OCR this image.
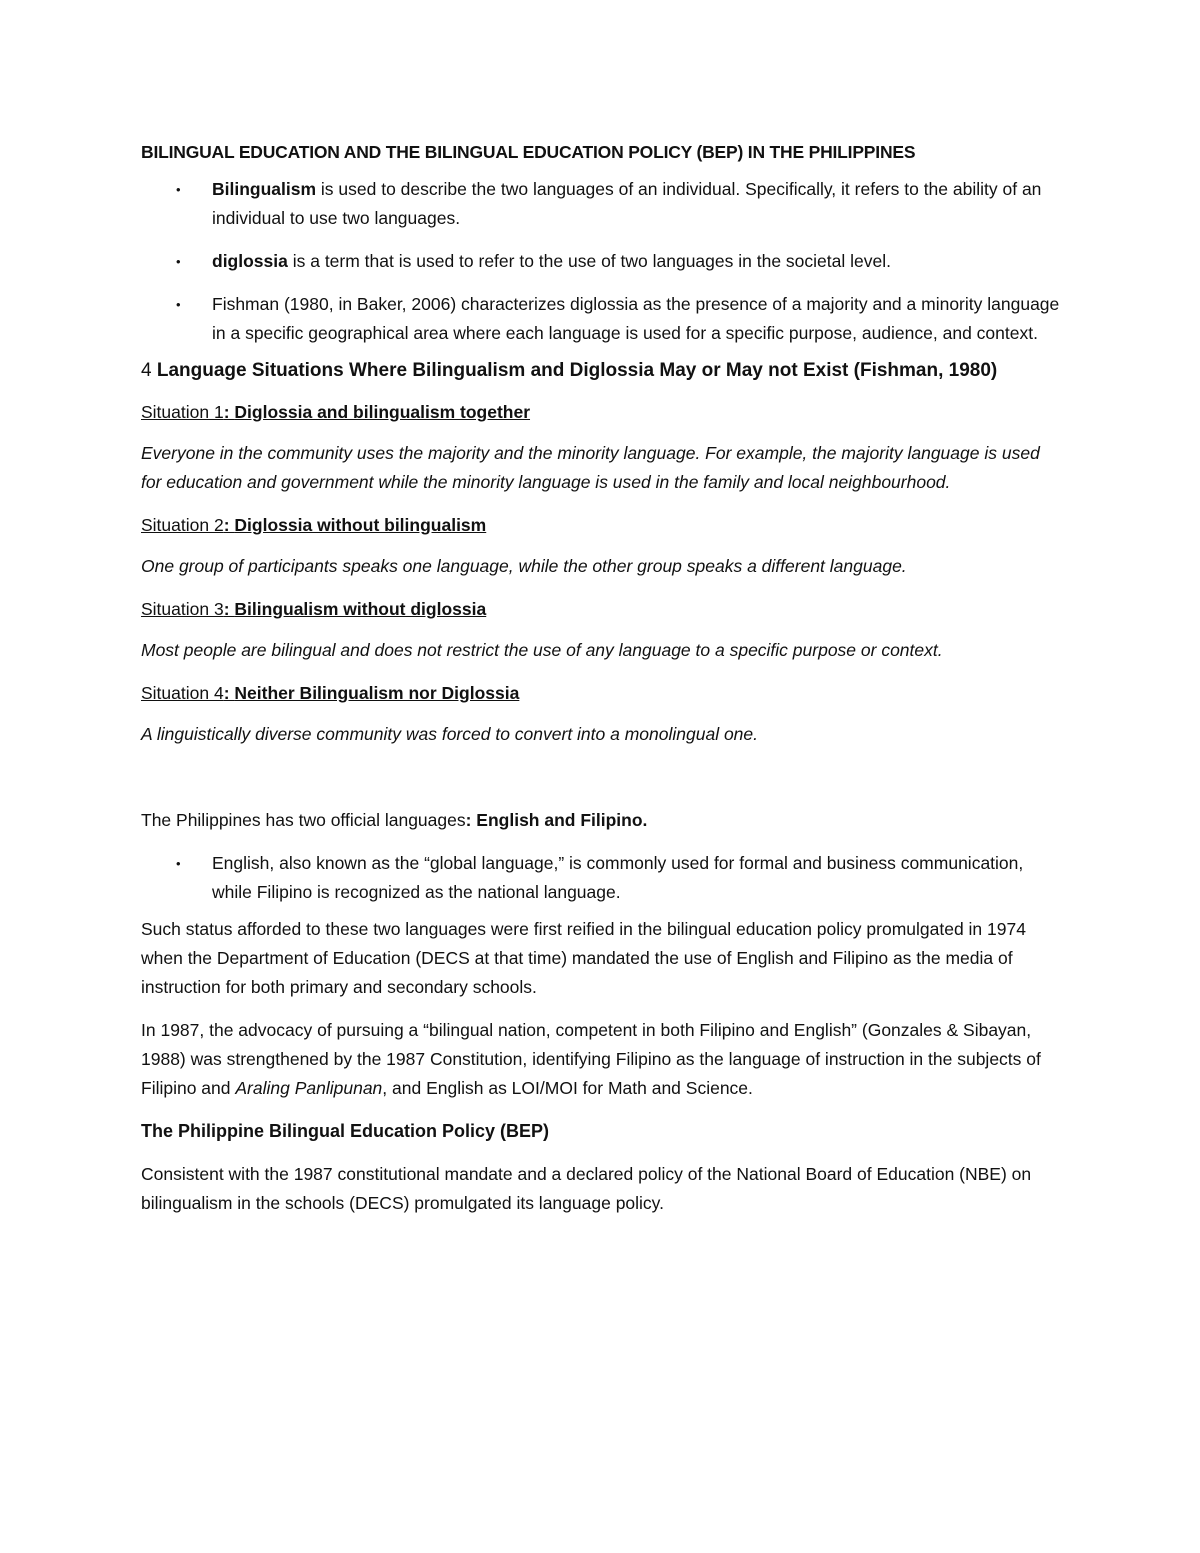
BILINGUAL EDUCATION AND THE BILINGUAL EDUCATION POLICY (BEP) IN THE PHILIPPINES

• Bilingualism is used to describe the two languages of an individual. Specifically, it refers to the ability of an individual to use two languages.
• diglossia is a term that is used to refer to the use of two languages in the societal level.
• Fishman (1980, in Baker, 2006) characterizes diglossia as the presence of a majority and a minority language in a specific geographical area where each language is used for a specific purpose, audience, and context.

4 Language Situations Where Bilingualism and Diglossia May or May not Exist (Fishman, 1980)

Situation 1: Diglossia and bilingualism together

Everyone in the community uses the majority and the minority language. For example, the majority language is used for education and government while the minority language is used in the family and local neighbourhood.

Situation 2: Diglossia without bilingualism

One group of participants speaks one language, while the other group speaks a different language.

Situation 3: Bilingualism without diglossia

Most people are bilingual and does not restrict the use of any language to a specific purpose or context.

Situation 4: Neither Bilingualism nor Diglossia

A linguistically diverse community was forced to convert into a monolingual one.

The Philippines has two official languages: English and Filipino.

• English, also known as the “global language,” is commonly used for formal and business communication, while Filipino is recognized as the national language.

Such status afforded to these two languages were first reified in the bilingual education policy promulgated in 1974 when the Department of Education (DECS at that time) mandated the use of English and Filipino as the media of instruction for both primary and secondary schools.

In 1987, the advocacy of pursuing a “bilingual nation, competent in both Filipino and English” (Gonzales & Sibayan, 1988) was strengthened by the 1987 Constitution, identifying Filipino as the language of instruction in the subjects of Filipino and Araling Panlipunan, and English as LOI/MOI for Math and Science.

The Philippine Bilingual Education Policy (BEP)

Consistent with the 1987 constitutional mandate and a declared policy of the National Board of Education (NBE) on bilingualism in the schools (DECS) promulgated its language policy.
